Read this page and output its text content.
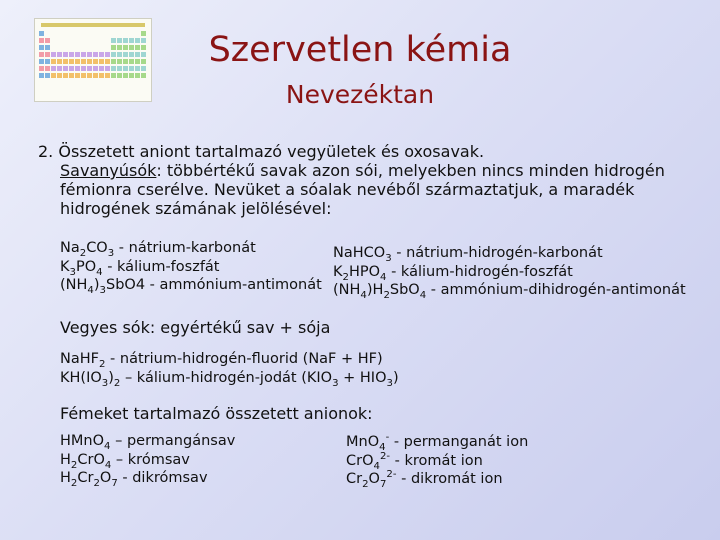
Szervetlen kémia
Nevezéktan
2. Összetett aniont tartalmazó vegyületek és oxosavak.
Savanyúsók: többértékű savak azon sói, melyekben nincs minden hidrogén fémionra cserélve. Nevüket a sóalak nevéből származtatjuk, a maradék hidrogének számának jelölésével:
$Na_2CO_3$ - nátrium-karbonát
$K_3PO_4$ - kálium-foszfát
$(NH_4)_3SbO4$ - ammónium-antimonát
NaHCO$_3$ - nátrium-hidrogén-karbonát
$K_2HPO_4$ - kálium-hidrogén-foszfát
$(NH_4)H_2SbO_4$ - ammónium-dihidrogén-antimonát
Vegyes sók: egyértékű sav + sója
NaHF$_2$ - nátrium-hidrogén-fluorid (NaF + HF)
$KH(IO_3)_2$ – kálium-hidrogén-jodát $(KIO_3 + HIO_3)$
Fémeket tartalmazó összetett anionok:
HMnO$_4$ – permangánsav
$H_2CrO_4$ – krómsav
$H_2Cr_2O_7$ - dikrómsav
MnO$_4$- - permanganát ion
CrO$_4^{2-}$ - kromát ion
$Cr_2O_7^{2-}$ - dikromát ion
